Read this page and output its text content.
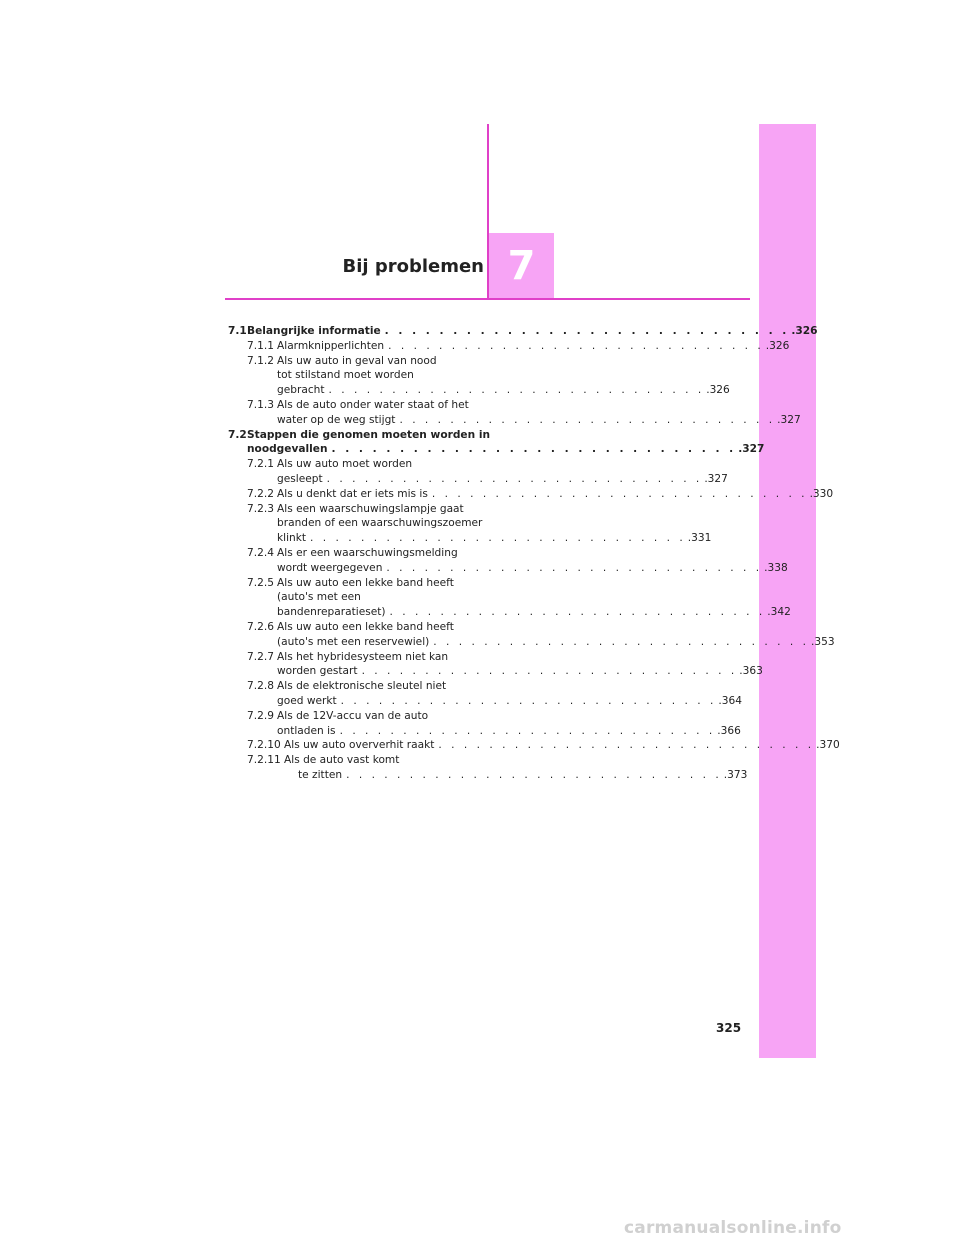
Bij problemen 7
7.1 Belangrijke informatie . . . . . . . . . . . . . . . . . . . . . . . . . . . . . . .326
7.1.1 Alarmknipperlichten . . . . . . . . . . . . . . . . . . . . . . . . . . . . . . .326
7.1.2 Als uw auto in geval van nood
tot stilstand moet worden
gebracht . . . . . . . . . . . . . . . . . . . . . . . . . . . . . . .326
7.1.3 Als de auto onder water staat of het
water op de weg stijgt . . . . . . . . . . . . . . . . . . . . . . . . . . . . . . .327
7.2 Stappen die genomen moeten worden in
noodgevallen . . . . . . . . . . . . . . . . . . . . . . . . . . . . . . .327
7.2.1 Als uw auto moet worden
gesleept . . . . . . . . . . . . . . . . . . . . . . . . . . . . . . .327
7.2.2 Als u denkt dat er iets mis is . . . . . . . . . . . . . . . . . . . . . . . . . . . . . . .330
7.2.3 Als een waarschuwingslampje gaat
branden of een waarschuwingszoemer
klinkt . . . . . . . . . . . . . . . . . . . . . . . . . . . . . . .331
7.2.4 Als er een waarschuwingsmelding
wordt weergegeven . . . . . . . . . . . . . . . . . . . . . . . . . . . . . . .338
7.2.5 Als uw auto een lekke band heeft
(auto's met een
bandenreparatieset) . . . . . . . . . . . . . . . . . . . . . . . . . . . . . . .342
7.2.6 Als uw auto een lekke band heeft
(auto's met een reservewiel) . . . . . . . . . . . . . . . . . . . . . . . . . . . . . . .353
7.2.7 Als het hybridesysteem niet kan
worden gestart . . . . . . . . . . . . . . . . . . . . . . . . . . . . . . .363
7.2.8 Als de elektronische sleutel niet
goed werkt . . . . . . . . . . . . . . . . . . . . . . . . . . . . . . .364
7.2.9 Als de 12V-accu van de auto
ontladen is . . . . . . . . . . . . . . . . . . . . . . . . . . . . . . .366
7.2.10 Als uw auto oververhit raakt . . . . . . . . . . . . . . . . . . . . . . . . . . . . . . .370
7.2.11 Als de auto vast komt
te zitten . . . . . . . . . . . . . . . . . . . . . . . . . . . . . . .373
325
carmanualsonline.info
